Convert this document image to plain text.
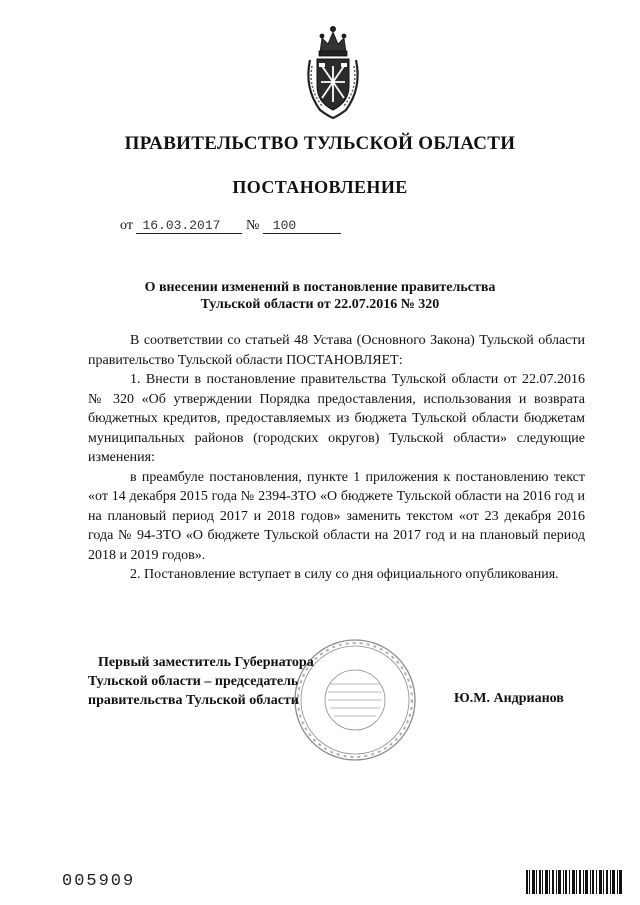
ПРАВИТЕЛЬСТВО ТУЛЬСКОЙ ОБЛАСТИ
ПОСТАНОВЛЕНИЕ
от 16.03.2017 № 100
О внесении изменений в постановление правительства
Тульской области от 22.07.2016 № 320

В соответствии со статьей 48 Устава (Основного Закона) Тульской области правительство Тульской области ПОСТАНОВЛЯЕТ:

1. Внести в постановление правительства Тульской области от 22.07.2016 № 320 «Об утверждении Порядка предоставления, использования и возврата бюджетных кредитов, предоставляемых из бюджета Тульской области бюджетам муниципальных районов (городских округов) Тульской области» следующие изменения:

в преамбуле постановления, пункте 1 приложения к постановлению текст «от 14 декабря 2015 года № 2394-ЗТО «О бюджете Тульской области на 2016 год и на плановый период 2017 и 2018 годов» заменить текстом «от 23 декабря 2016 года № 94-ЗТО «О бюджете Тульской области на 2017 год и на плановый период 2018 и 2019 годов».

2. Постановление вступает в силу со дня официального опубликования.

Первый заместитель Губернатора
Тульской области – председатель
правительства Тульской области	Ю.М. Андрианов
005909
